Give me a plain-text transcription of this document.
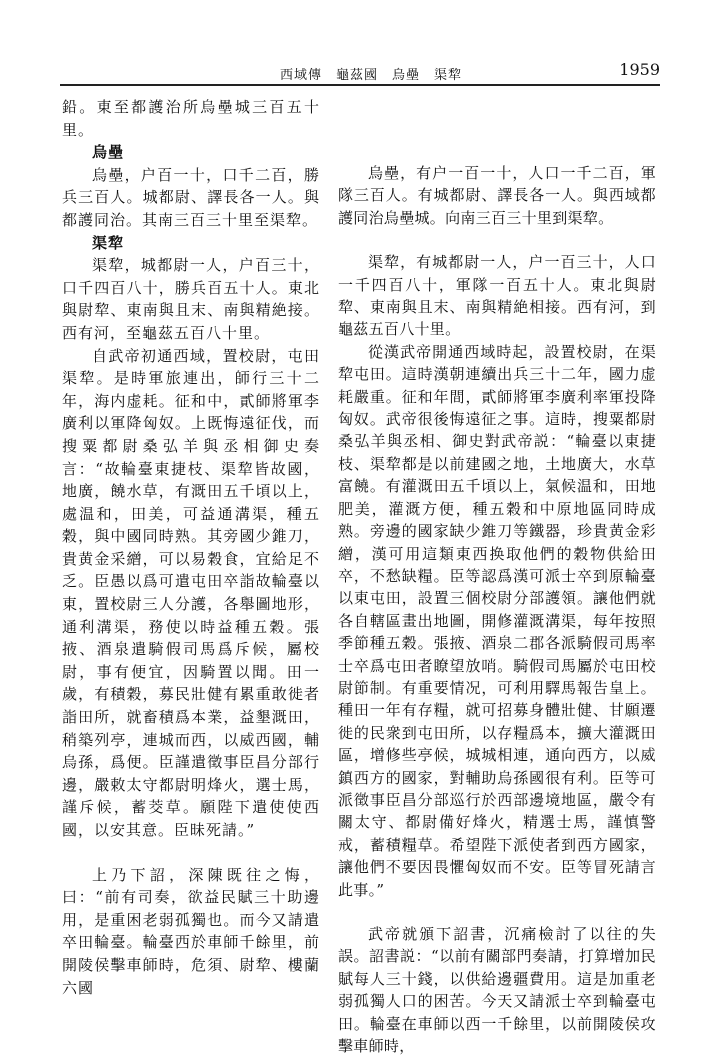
西域傳　龜茲國　烏壘　渠犂	1959

鉛。東至都護治所烏壘城三百五十里。

烏壘

烏壘，户百一十，口千二百，勝兵三百人。城都尉、譯長各一人。與都護同治。其南三百三十里至渠犂。

渠犂

渠犂，城都尉一人，户百三十，口千四百八十，勝兵百五十人。東北與尉犂、東南與且末、南與精絶接。西有河，至龜茲五百八十里。

自武帝初通西域，置校尉，屯田渠犂。是時軍旅連出，師行三十二年，海内虚耗。征和中，貳師將軍李廣利以軍降匈奴。上既悔遠征伐，而搜粟都尉桑弘羊與丞相御史奏言：“故輪臺東捷枝、渠犂皆故國，地廣，饒水草，有溉田五千頃以上，處温和，田美，可益通溝渠，種五穀，與中國同時熟。其旁國少錐刀，貴黄金采繒，可以易穀食，宜給足不乏。臣愚以爲可遣屯田卒詣故輪臺以東，置校尉三人分護，各舉圖地形，通利溝渠，務使以時益種五穀。張掖、酒泉遣騎假司馬爲斥候，屬校尉，事有便宜，因騎置以聞。田一歲，有積穀，募民壯健有累重敢徙者詣田所，就畜積爲本業，益墾溉田，稍築列亭，連城而西，以威西國，輔烏孫，爲便。臣謹遣徵事臣昌分部行邊，嚴敕太守都尉明烽火，選士馬，謹斥候，蓄茭草。願陛下遣使使西國，以安其意。臣昧死請。”

上乃下詔，深陳既往之悔，曰：“前有司奏，欲益民賦三十助邊用，是重困老弱孤獨也。而今又請遣卒田輪臺。輪臺西於車師千餘里，前開陵侯擊車師時，危須、尉犂、樓蘭六國

烏壘，有户一百一十，人口一千二百，軍隊三百人。有城都尉、譯長各一人。與西域都護同治烏壘城。向南三百三十里到渠犂。

渠犂，有城都尉一人，户一百三十，人口一千四百八十，軍隊一百五十人。東北與尉犂、東南與且末、南與精絶相接。西有河，到龜茲五百八十里。

從漢武帝開通西域時起，設置校尉，在渠犂屯田。這時漢朝連續出兵三十二年，國力虚耗嚴重。征和年間，貳師將軍李廣利率軍投降匈奴。武帝很後悔遠征之事。這時，搜粟都尉桑弘羊與丞相、御史對武帝説：“輪臺以東捷枝、渠犂都是以前建國之地，土地廣大，水草富饒。有灌溉田五千頃以上，氣候温和，田地肥美，灌溉方便，種五穀和中原地區同時成熟。旁邊的國家缺少錐刀等鐵器，珍貴黄金彩繒，漢可用這類東西换取他們的穀物供給田卒，不愁缺糧。臣等認爲漢可派士卒到原輪臺以東屯田，設置三個校尉分部護領。讓他們就各自轄區畫出地圖，開修灌溉溝渠，每年按照季節種五穀。張掖、酒泉二郡各派騎假司馬率士卒爲屯田者瞭望放哨。騎假司馬屬於屯田校尉節制。有重要情况，可利用驛馬報告皇上。種田一年有存糧，就可招募身體壯健、甘願遷徙的民衆到屯田所，以存糧爲本，擴大灌溉田區，增修些亭候，城城相連，通向西方，以威鎮西方的國家，對輔助烏孫國很有利。臣等可派徵事臣昌分部巡行於西部邊境地區，嚴令有關太守、都尉備好烽火，精選士馬，謹慎警戒，蓄積糧草。希望陛下派使者到西方國家，讓他們不要因畏懼匈奴而不安。臣等冒死請言此事。”

武帝就頒下詔書，沉痛檢討了以往的失誤。詔書説：“以前有關部門奏請，打算增加民賦每人三十錢，以供給邊疆費用。這是加重老弱孤獨人口的困苦。今天又請派士卒到輪臺屯田。輪臺在車師以西一千餘里，以前開陵侯攻擊車師時，
